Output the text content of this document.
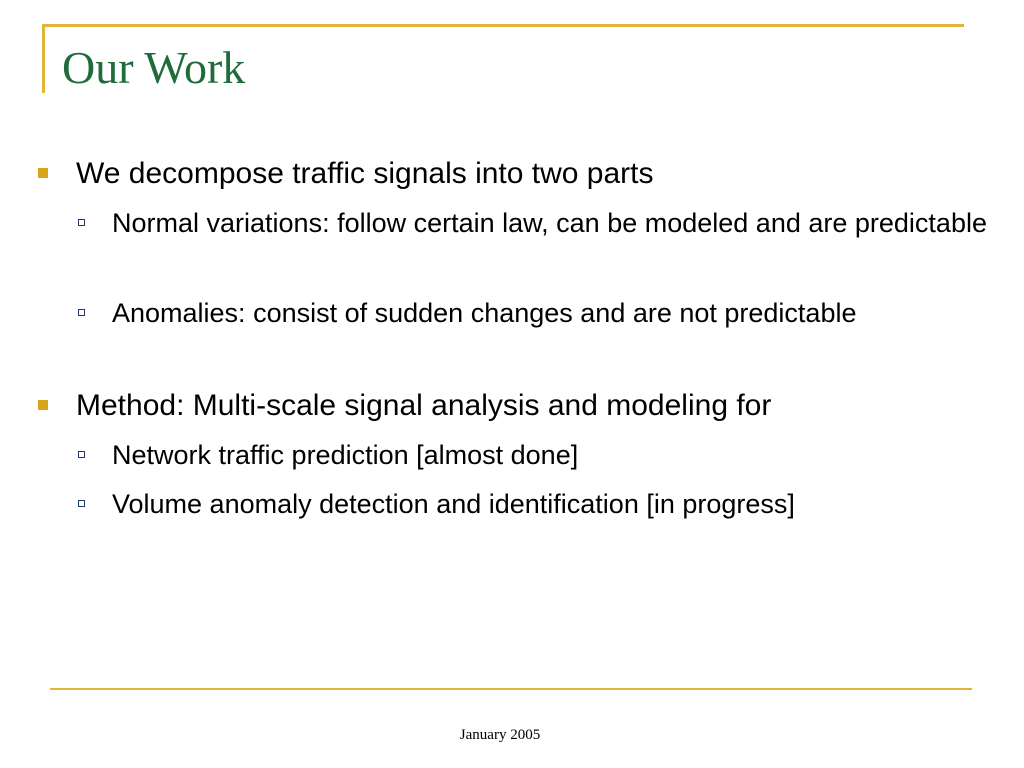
Our Work
We decompose traffic signals into two parts
Normal variations: follow certain law, can be modeled and are predictable
Anomalies: consist of sudden changes and are not predictable
Method: Multi-scale signal analysis and modeling for
Network traffic prediction [almost done]
Volume anomaly detection and identification [in progress]
January 2005
